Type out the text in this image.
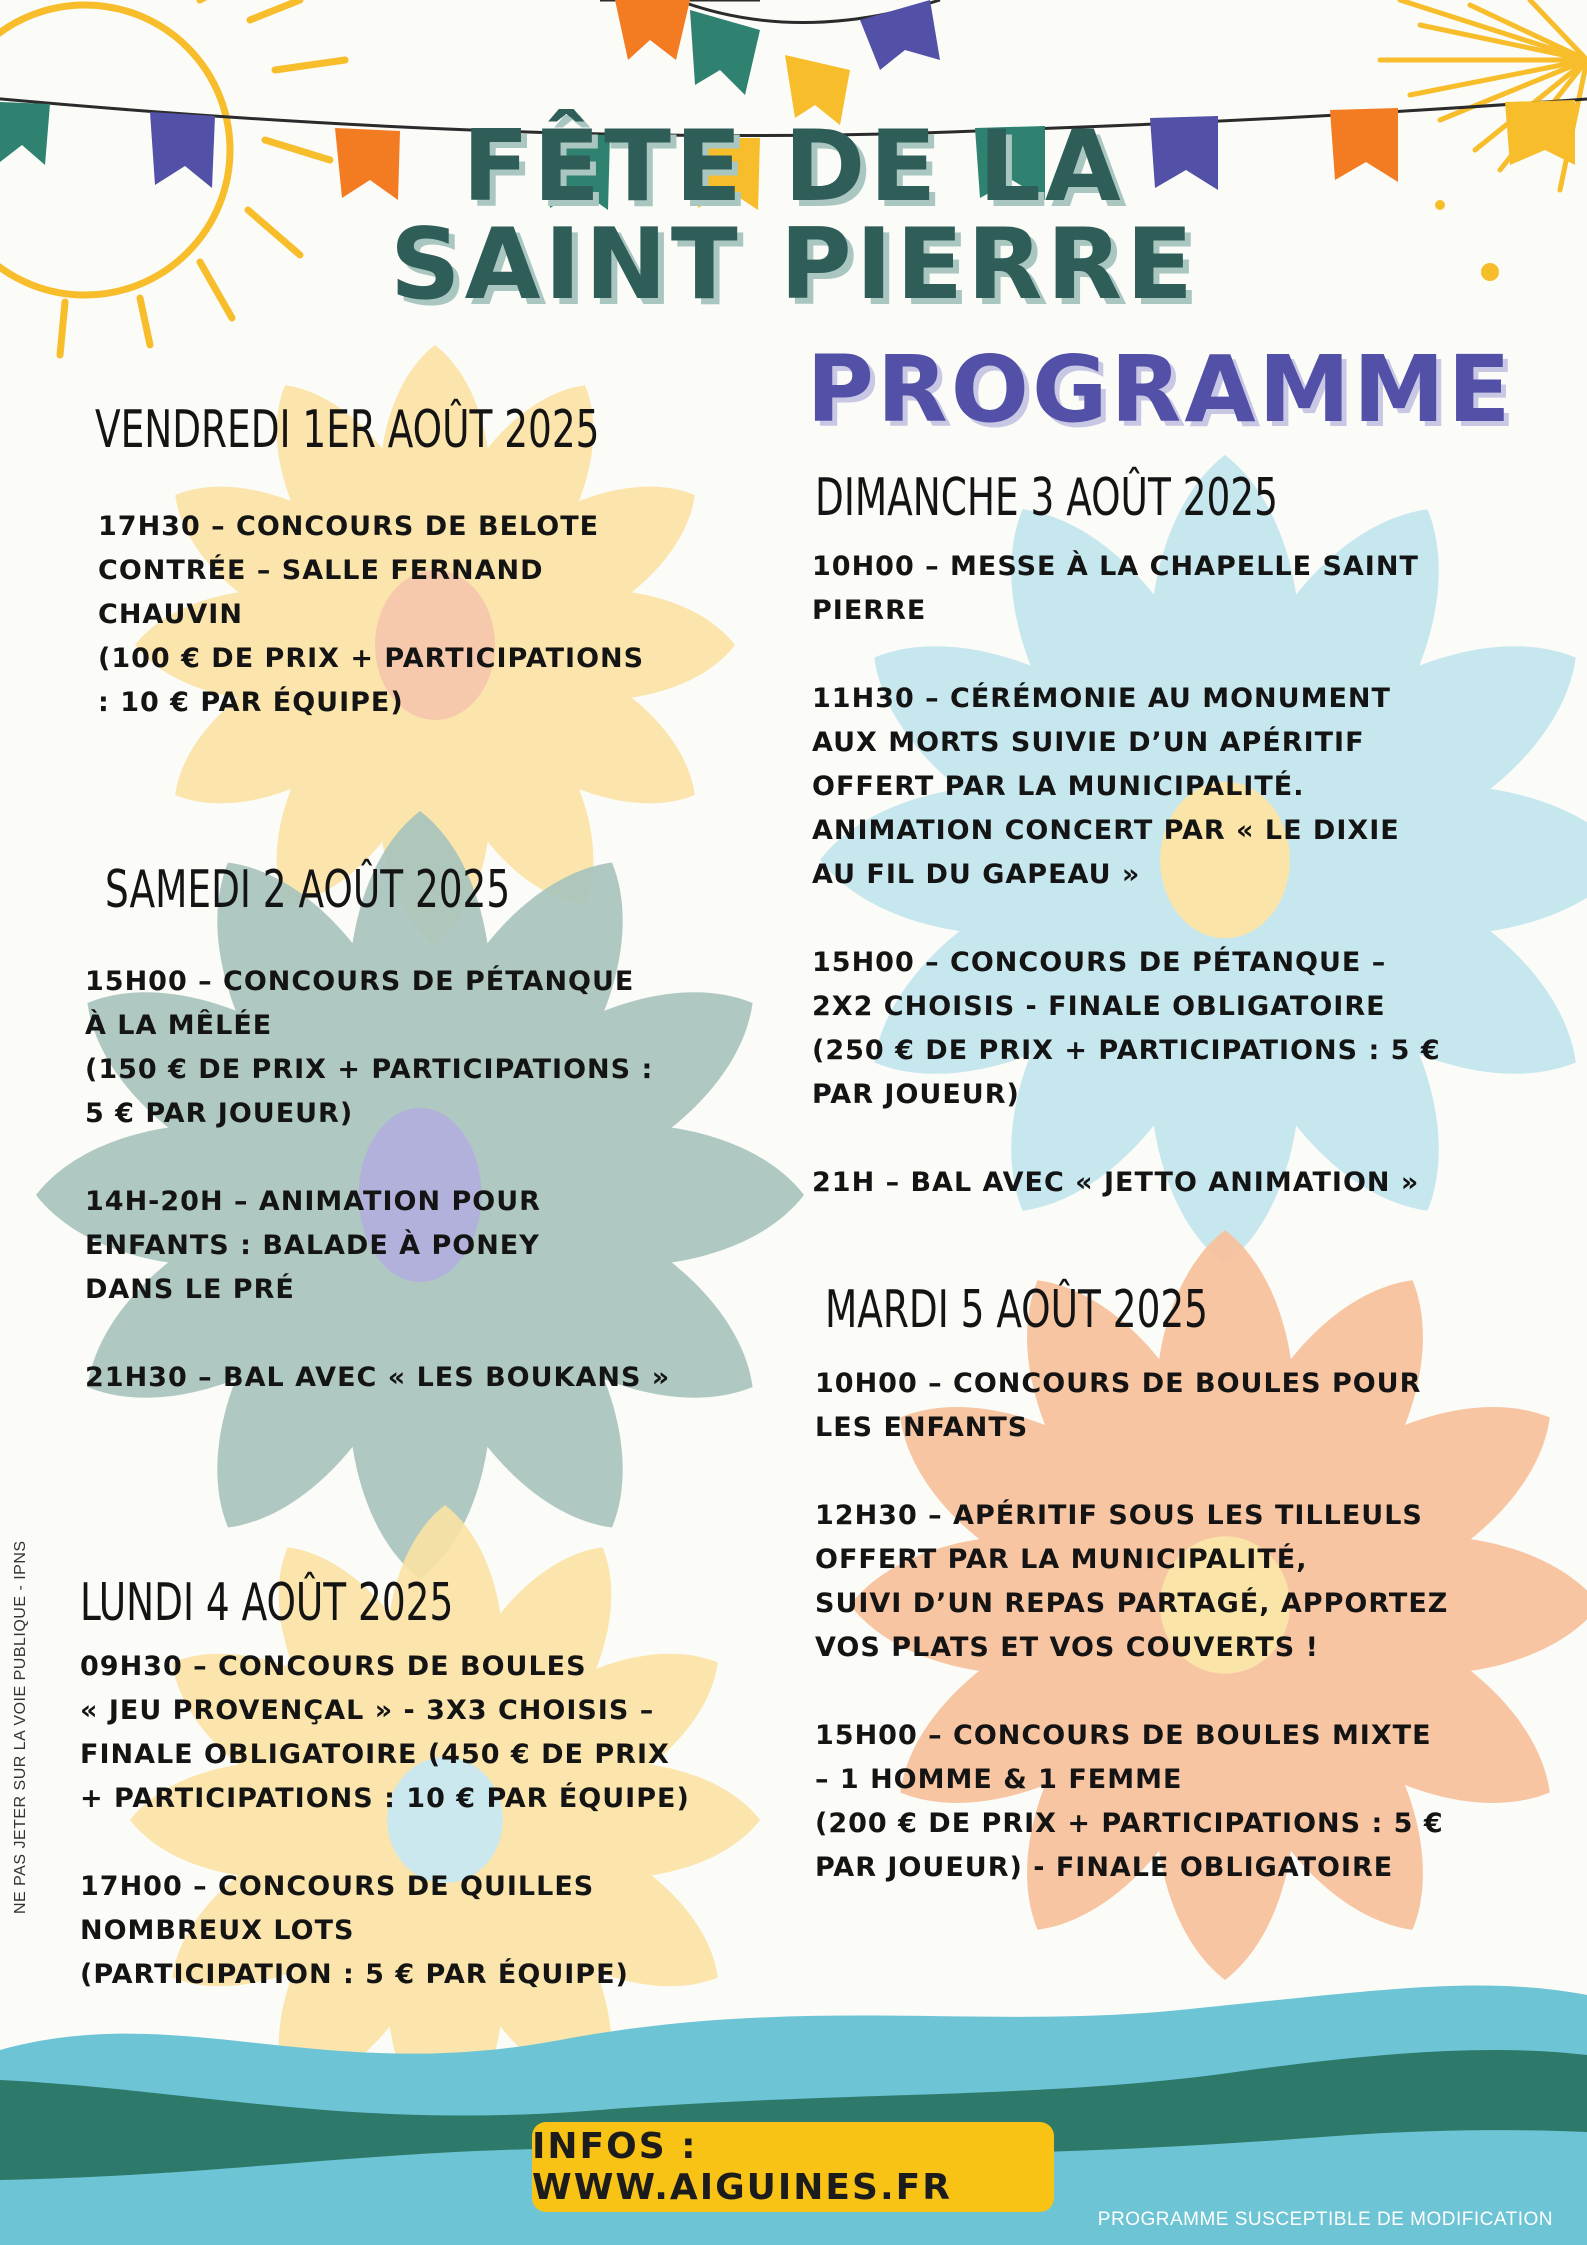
FÊTE DE LA
SAINT PIERRE
PROGRAMME
VENDREDI 1ER AOÛT 2025
17H30 – CONCOURS DE BELOTE
CONTRÉE – SALLE FERNAND
CHAUVIN
(100 € DE PRIX + PARTICIPATIONS
: 10 € PAR ÉQUIPE)
SAMEDI 2 AOÛT 2025
15H00 – CONCOURS DE PÉTANQUE
À LA MÊLÉE
(150 € DE PRIX + PARTICIPATIONS :
5 € PAR JOUEUR)
14H-20H – ANIMATION POUR
ENFANTS : BALADE À PONEY
DANS LE PRÉ
21H30 – BAL AVEC « LES BOUKANS »
LUNDI 4 AOÛT 2025
09H30 – CONCOURS DE BOULES
« JEU PROVENÇAL » - 3X3 CHOISIS –
FINALE OBLIGATOIRE (450 € DE PRIX
+ PARTICIPATIONS : 10 € PAR ÉQUIPE)
17H00 – CONCOURS DE QUILLES
NOMBREUX LOTS
(PARTICIPATION : 5 € PAR ÉQUIPE)
DIMANCHE 3 AOÛT 2025
10H00 – MESSE À LA CHAPELLE SAINT
PIERRE
11H30 – CÉRÉMONIE AU MONUMENT
AUX MORTS SUIVIE D’UN APÉRITIF
OFFERT PAR LA MUNICIPALITÉ.
ANIMATION CONCERT PAR « LE DIXIE
AU FIL DU GAPEAU »
15H00 – CONCOURS DE PÉTANQUE –
2X2 CHOISIS - FINALE OBLIGATOIRE
(250 € DE PRIX + PARTICIPATIONS : 5 €
PAR JOUEUR)
21H – BAL AVEC « JETTO ANIMATION »
MARDI 5 AOÛT 2025
10H00 – CONCOURS DE BOULES POUR
LES ENFANTS
12H30 – APÉRITIF SOUS LES TILLEULS
OFFERT PAR LA MUNICIPALITÉ,
SUIVI D’UN REPAS PARTAGÉ, APPORTEZ
VOS PLATS ET VOS COUVERTS !
15H00 – CONCOURS DE BOULES MIXTE
– 1 HOMME & 1 FEMME
(200 € DE PRIX + PARTICIPATIONS : 5 €
PAR JOUEUR) - FINALE OBLIGATOIRE
INFOS : WWW.AIGUINES.FR
NE PAS JETER SUR LA VOIE PUBLIQUE - IPNS
PROGRAMME SUSCEPTIBLE DE MODIFICATION
